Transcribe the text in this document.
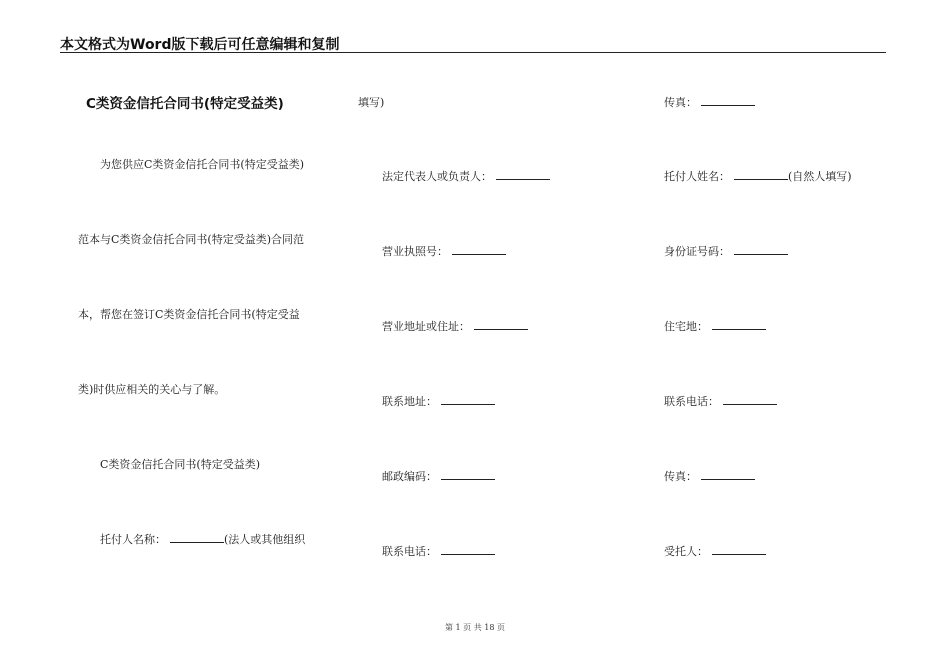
本文格式为Word版下载后可任意编辑和复制
C类资金信托合同书(特定受益类)
为您供应C类资金信托合同书(特定受益类)
范本与C类资金信托合同书(特定受益类)合同范
本，帮您在签订C类资金信托合同书(特定受益
类)时供应相关的关心与了解。
C类资金信托合同书(特定受益类)
托付人名称：	(法人或其他组织
填写)
法定代表人或负责人：
营业执照号：
营业地址或住址：
联系地址：
邮政编码：
联系电话：
传真：
托付人姓名：	(自然人填写)
身份证号码：
住宅地：
联系电话：
传真：
受托人：
第 1 页 共 18 页
